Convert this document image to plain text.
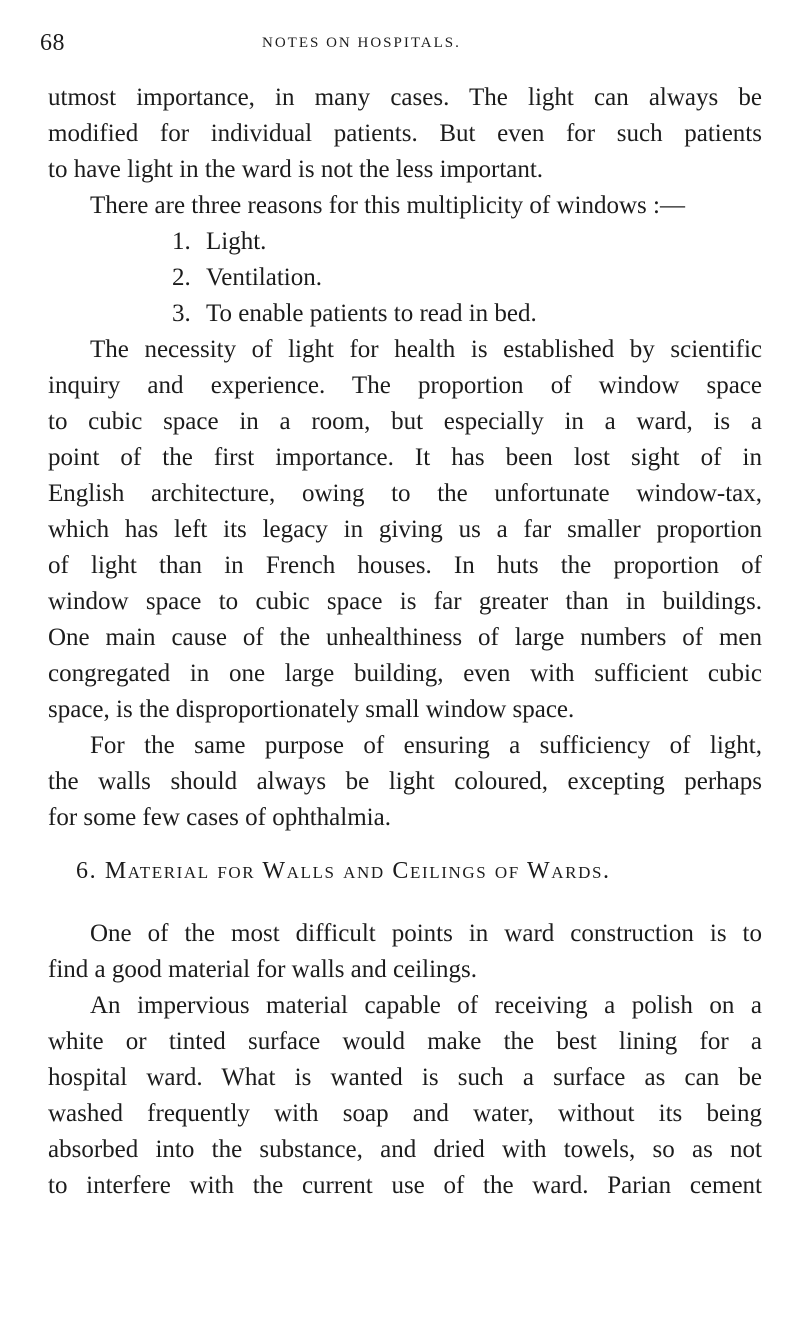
68	NOTES ON HOSPITALS.
utmost importance, in many cases. The light can always be
modified for individual patients. But even for such patients
to have light in the ward is not the less important.
There are three reasons for this multiplicity of windows :—
1. Light.
2. Ventilation.
3. To enable patients to read in bed.
The necessity of light for health is established by scientific
inquiry and experience. The proportion of window space
to cubic space in a room, but especially in a ward, is a
point of the first importance. It has been lost sight of in
English architecture, owing to the unfortunate window-tax,
which has left its legacy in giving us a far smaller proportion
of light than in French houses. In huts the proportion of
window space to cubic space is far greater than in buildings.
One main cause of the unhealthiness of large numbers of men
congregated in one large building, even with sufficient cubic
space, is the disproportionately small window space.
For the same purpose of ensuring a sufficiency of light,
the walls should always be light coloured, excepting perhaps
for some few cases of ophthalmia.
6. Material for Walls and Ceilings of Wards.
One of the most difficult points in ward construction is to
find a good material for walls and ceilings.
An impervious material capable of receiving a polish on a
white or tinted surface would make the best lining for a
hospital ward. What is wanted is such a surface as can be
washed frequently with soap and water, without its being
absorbed into the substance, and dried with towels, so as not
to interfere with the current use of the ward. Parian cement
